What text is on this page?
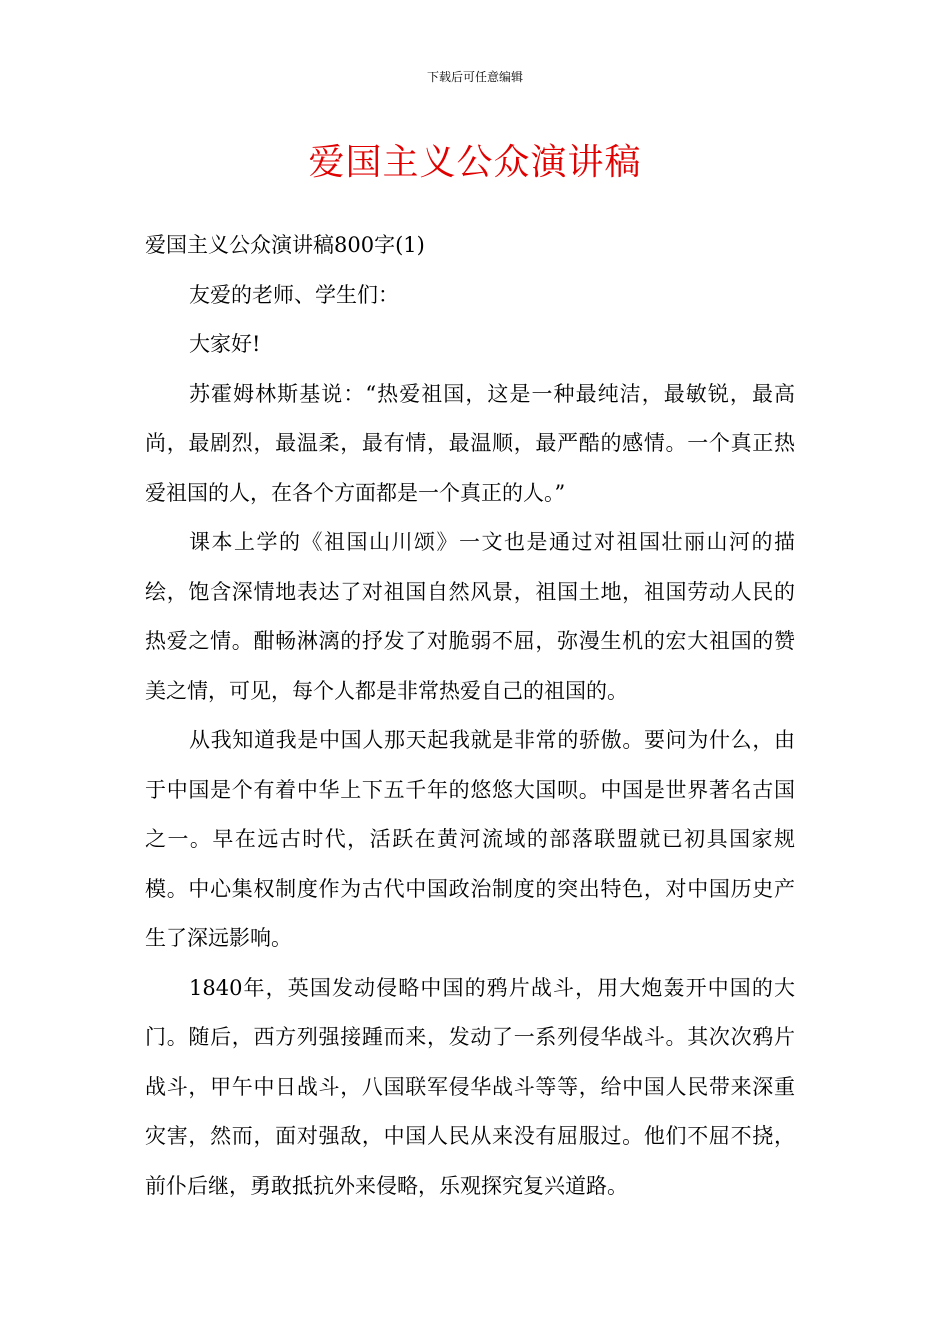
下载后可任意编辑
爱国主义公众演讲稿

爱国主义公众演讲稿800字(1)

友爱的老师、学生们：

大家好!

苏霍姆林斯基说：“热爱祖国，这是一种最纯洁，最敏锐，最高尚，最剧烈，最温柔，最有情，最温顺，最严酷的感情。一个真正热爱祖国的人，在各个方面都是一个真正的人。”

课本上学的《祖国山川颂》一文也是通过对祖国壮丽山河的描绘，饱含深情地表达了对祖国自然风景，祖国土地，祖国劳动人民的热爱之情。酣畅淋漓的抒发了对脆弱不屈，弥漫生机的宏大祖国的赞美之情，可见，每个人都是非常热爱自己的祖国的。

从我知道我是中国人那天起我就是非常的骄傲。要问为什么，由于中国是个有着中华上下五千年的悠悠大国呗。中国是世界著名古国之一。早在远古时代，活跃在黄河流域的部落联盟就已初具国家规模。中心集权制度作为古代中国政治制度的突出特色，对中国历史产生了深远影响。

1840年，英国发动侵略中国的鸦片战斗，用大炮轰开中国的大门。随后，西方列强接踵而来，发动了一系列侵华战斗。其次次鸦片战斗，甲午中日战斗，八国联军侵华战斗等等，给中国人民带来深重灾害，然而，面对强敌，中国人民从来没有屈服过。他们不屈不挠，前仆后继，勇敢抵抗外来侵略，乐观探究复兴道路。
